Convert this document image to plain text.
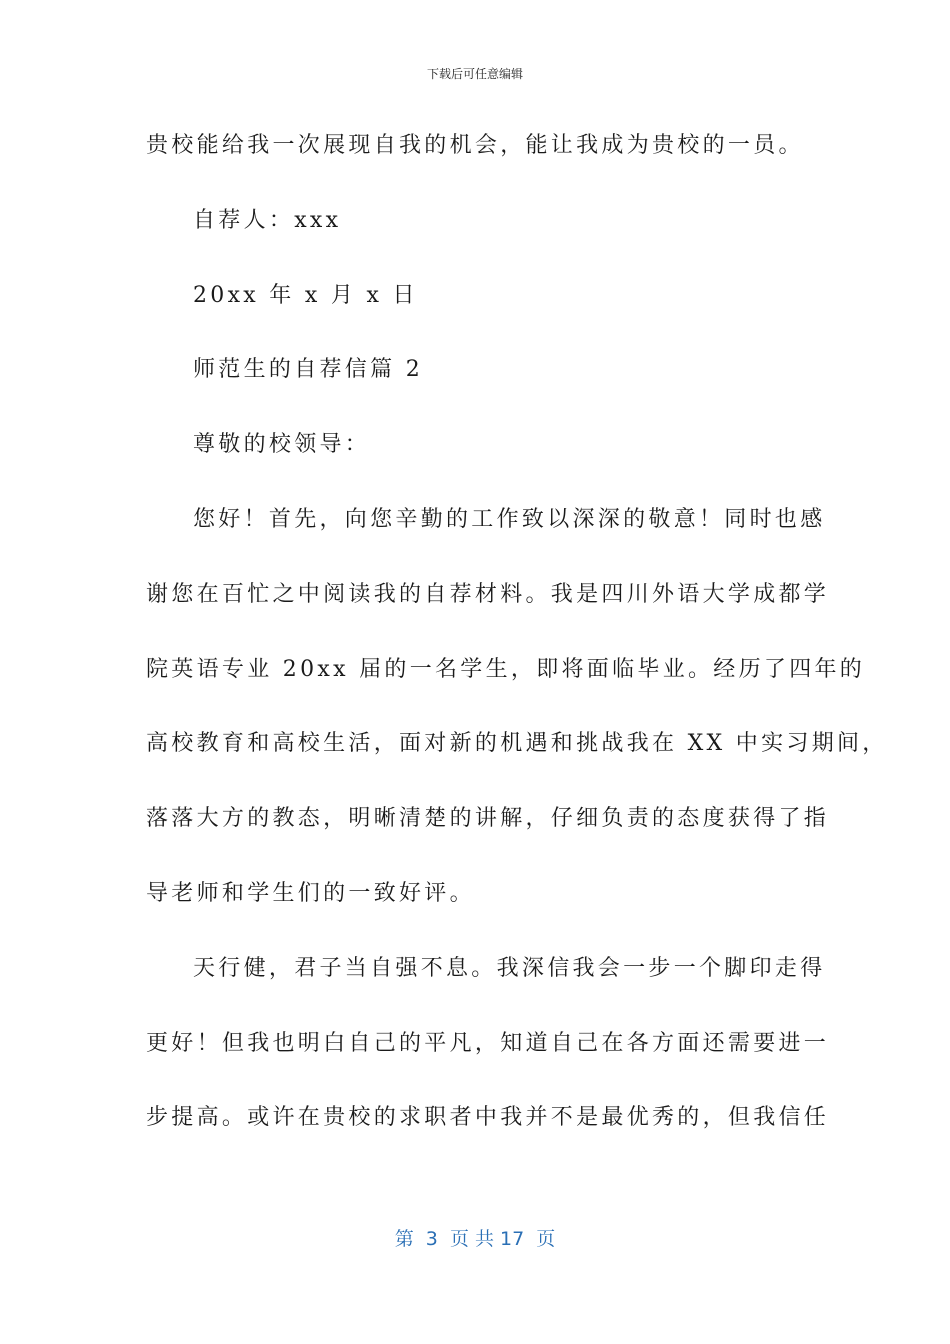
下载后可任意编辑
贵校能给我一次展现自我的机会，能让我成为贵校的一员。
自荐人：xxx
20xx 年 x 月 x 日
师范生的自荐信篇 2
尊敬的校领导：
您好！首先，向您辛勤的工作致以深深的敬意！同时也感
谢您在百忙之中阅读我的自荐材料。我是四川外语大学成都学
院英语专业 20xx 届的一名学生，即将面临毕业。经历了四年的
高校教育和高校生活，面对新的机遇和挑战我在 XX 中实习期间，
落落大方的教态，明晰清楚的讲解，仔细负责的态度获得了指
导老师和学生们的一致好评。
天行健，君子当自强不息。我深信我会一步一个脚印走得
更好！但我也明白自己的平凡，知道自己在各方面还需要进一
步提高。或许在贵校的求职者中我并不是最优秀的，但我信任
第  3  页 共 17  页
